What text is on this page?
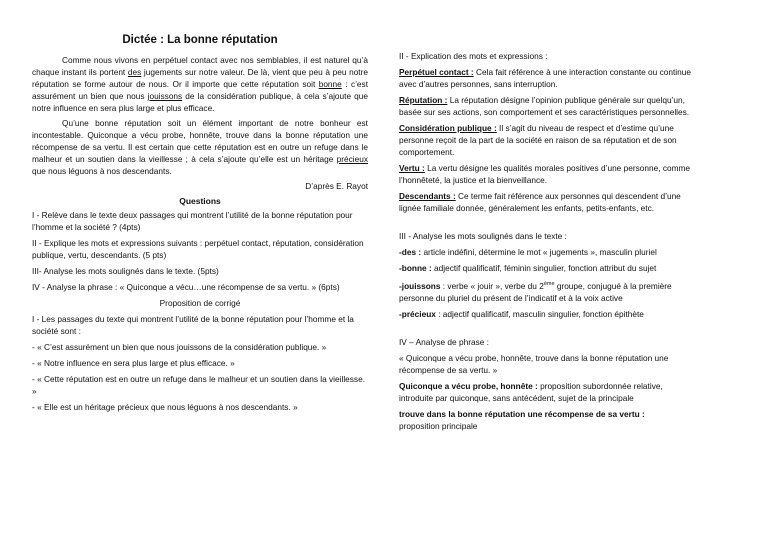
Dictée : La bonne réputation

Comme nous vivons en perpétuel contact avec nos semblables, il est naturel qu’à chaque instant ils portent des jugements sur notre valeur. De là, vient que peu à peu notre réputation se forme autour de nous. Or il importe que cette réputation soit bonne : c’est assurément un bien que nous jouissons de la considération publique, à cela s’ajoute que notre influence en sera plus large et plus efficace.

Qu’une bonne réputation soit un élément important de notre bonheur est incontestable. Quiconque a vécu probe, honnête, trouve dans la bonne réputation une récompense de sa vertu. Il est certain que cette réputation est en outre un refuge dans le malheur et un soutien dans la vieillesse ; à cela s’ajoute qu’elle est un héritage précieux que nous léguons à nos descendants.

D’après E. Rayot

Questions

I - Relève dans le texte deux passages qui montrent l’utilité de la bonne réputation pour l’homme et la société ? (4pts)

II - Explique les mots et expressions suivants : perpétuel contact, réputation, considération publique, vertu, descendants. (5 pts)

III- Analyse les mots soulignés dans le texte. (5pts)

IV - Analyse la phrase : « Quiconque a vécu…une récompense de sa vertu. » (6pts)

Proposition de corrigé

I - Les passages du texte qui montrent l’utilité de la bonne réputation pour l’homme et la société sont :

- « C’est assurément un bien que nous jouissons de la considération publique. »

- « Notre influence en sera plus large et plus efficace. »

- « Cette réputation est en outre un refuge dans le malheur et un soutien dans la vieillesse. »

- « Elle est un héritage précieux que nous léguons à nos descendants. »

II - Explication des mots et expressions :

Perpétuel contact : Cela fait référence à une interaction constante ou continue avec d’autres personnes, sans interruption.

Réputation : La réputation désigne l’opinion publique générale sur quelqu’un, basée sur ses actions, son comportement et ses caractéristiques personnelles.

Considération publique : Il s’agit du niveau de respect et d’estime qu’une personne reçoit de la part de la société en raison de sa réputation et de son comportement.

Vertu : La vertu désigne les qualités morales positives d’une personne, comme l’honnêteté, la justice et la bienveillance.

Descendants : Ce terme fait référence aux personnes qui descendent d’une lignée familiale donnée, généralement les enfants, petits-enfants, etc.

III - Analyse les mots soulignés dans le texte :

-des : article indéfini, détermine le mot « jugements », masculin pluriel

-bonne : adjectif qualificatif, féminin singulier, fonction attribut du sujet

-jouissons : verbe « jouir », verbe du 2ème groupe, conjugué à la première personne du pluriel du présent de l’indicatif et à la voix active

-précieux : adjectif qualificatif, masculin singulier, fonction épithète

IV – Analyse de phrase :

« Quiconque a vécu probe, honnête, trouve dans la bonne réputation une récompense de sa vertu. »

Quiconque a vécu probe, honnête : proposition subordonnée relative, introduite par quiconque, sans antécédent, sujet de la principale

trouve dans la bonne réputation une récompense de sa vertu :
proposition principale
